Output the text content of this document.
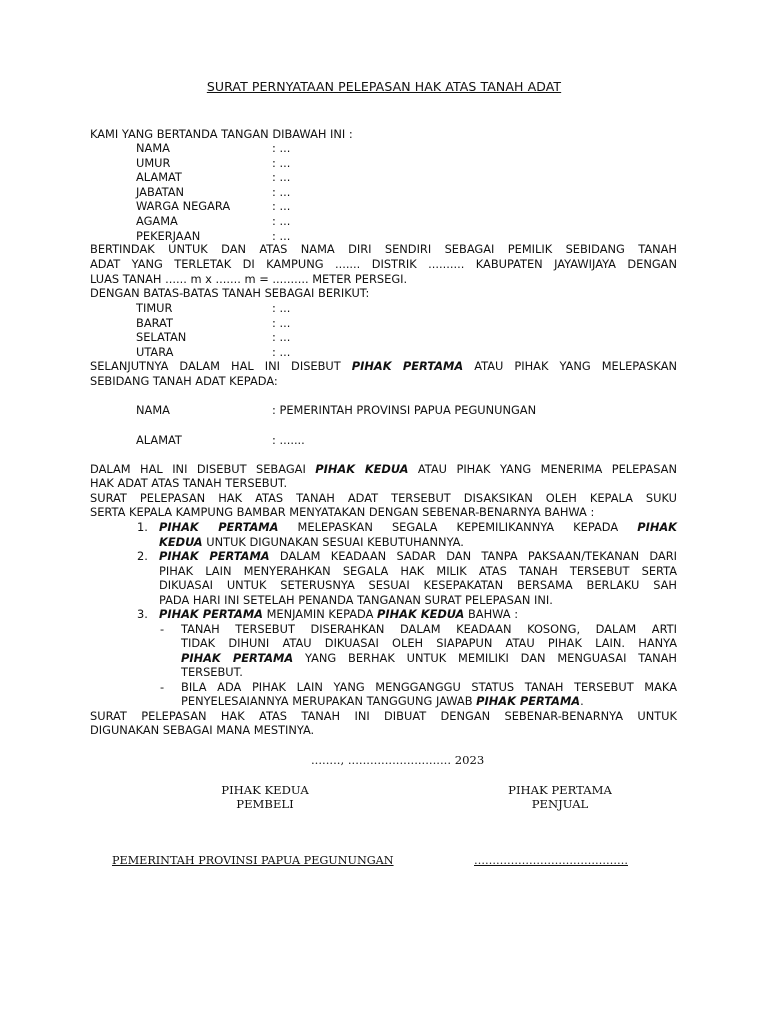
SURAT PERNYATAAN PELEPASAN HAK ATAS TANAH ADAT
KAMI YANG BERTANDA TANGAN DIBAWAH INI :
NAMA	: ...
UMUR	: ...
ALAMAT	: ...
JABATAN	: ...
WARGA NEGARA	: ...
AGAMA	: ...
PEKERJAAN	: ...
BERTINDAK UNTUK DAN ATAS NAMA DIRI SENDIRI SEBAGAI PEMILIK SEBIDANG TANAH
ADAT YANG TERLETAK DI KAMPUNG ....... DISTRIK .......... KABUPATEN JAYAWIJAYA DENGAN
LUAS TANAH ...... m x ....... m = .......... METER PERSEGI.
DENGAN BATAS-BATAS TANAH SEBAGAI BERIKUT:
TIMUR	: ...
BARAT	: ...
SELATAN	: ...
UTARA	: ...
SELANJUTNYA DALAM HAL INI DISEBUT PIHAK PERTAMA ATAU PIHAK YANG MELEPASKAN
SEBIDANG TANAH ADAT KEPADA:
NAMA	: PEMERINTAH PROVINSI PAPUA PEGUNUNGAN
ALAMAT	: .......
DALAM HAL INI DISEBUT SEBAGAI PIHAK KEDUA ATAU PIHAK YANG MENERIMA PELEPASAN
HAK ADAT ATAS TANAH TERSEBUT.
SURAT PELEPASAN HAK ATAS TANAH ADAT TERSEBUT DISAKSIKAN OLEH KEPALA SUKU
SERTA KEPALA KAMPUNG BAMBAR MENYATAKAN DENGAN SEBENAR-BENARNYA BAHWA :
1. PIHAK PERTAMA MELEPASKAN SEGALA KEPEMILIKANNYA KEPADA PIHAK
KEDUA UNTUK DIGUNAKAN SESUAI KEBUTUHANNYA.
2. PIHAK PERTAMA DALAM KEADAAN SADAR DAN TANPA PAKSAAN/TEKANAN DARI
PIHAK LAIN MENYERAHKAN SEGALA HAK MILIK ATAS TANAH TERSEBUT SERTA
DIKUASAI UNTUK SETERUSNYA SESUAI KESEPAKATAN BERSAMA BERLAKU SAH
PADA HARI INI SETELAH PENANDA TANGANAN SURAT PELEPASAN INI.
3. PIHAK PERTAMA MENJAMIN KEPADA PIHAK KEDUA BAHWA :
- TANAH TERSEBUT DISERAHKAN DALAM KEADAAN KOSONG, DALAM ARTI
TIDAK DIHUNI ATAU DIKUASAI OLEH SIAPAPUN ATAU PIHAK LAIN. HANYA
PIHAK PERTAMA YANG BERHAK UNTUK MEMILIKI DAN MENGUASAI TANAH
TERSEBUT.
- BILA ADA PIHAK LAIN YANG MENGGANGGU STATUS TANAH TERSEBUT MAKA
PENYELESAIANNYA MERUPAKAN TANGGUNG JAWAB PIHAK PERTAMA.
SURAT PELEPASAN HAK ATAS TANAH INI DIBUAT DENGAN SEBENAR-BENARNYA UNTUK
DIGUNAKAN SEBAGAI MANA MESTINYA.
........, ............................ 2023
PIHAK KEDUA
PEMBELI
PIHAK PERTAMA
PENJUAL
PEMERINTAH PROVINSI PAPUA PEGUNUNGAN	……………………………………
